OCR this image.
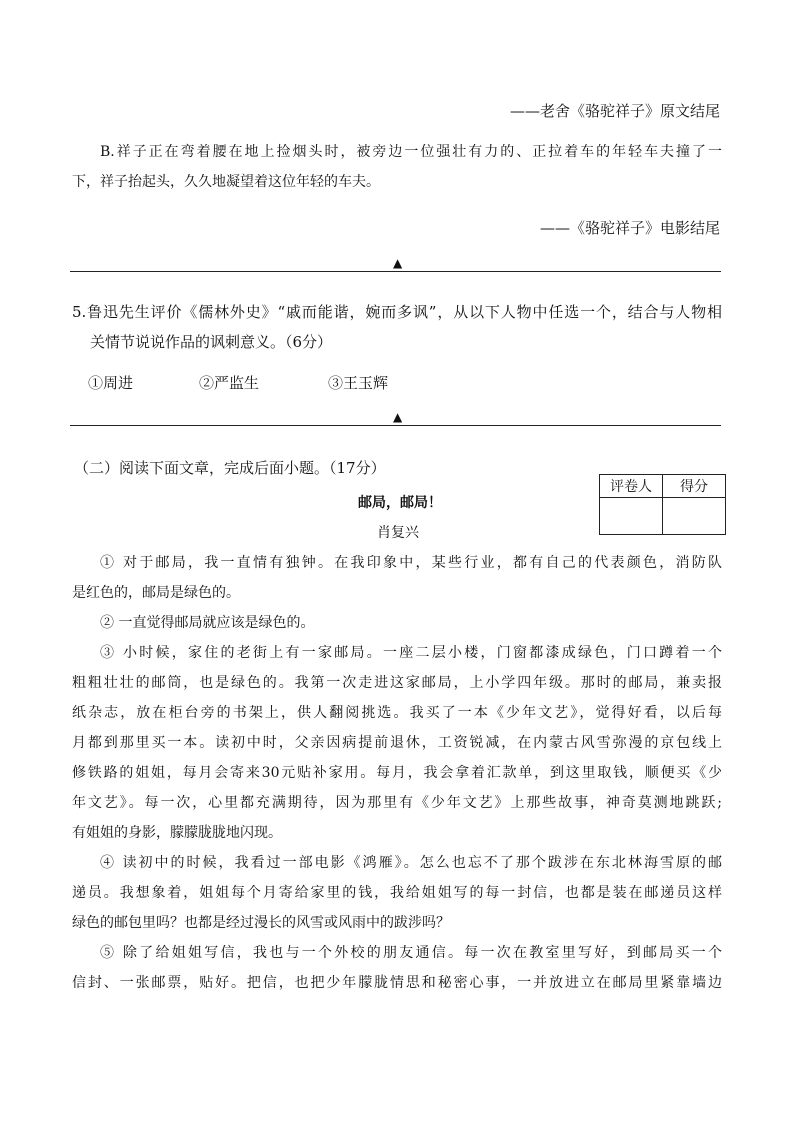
——老舍《骆驼祥子》原文结尾
B.祥子正在弯着腰在地上捡烟头时，被旁边一位强壮有力的、正拉着车的年轻车夫撞了一
下，祥子抬起头，久久地凝望着这位年轻的车夫。
——《骆驼祥子》电影结尾
▲
5.鲁迅先生评价《儒林外史》“戚而能谐，婉而多讽”，从以下人物中任选一个，结合与人物相
关情节说说作品的讽刺意义。（6分）
①周进	②严监生	③王玉辉
▲
（二）阅读下面文章，完成后面小题。（17分）
评卷人	得分

邮局，邮局！
肖复兴
① 对于邮局，我一直情有独钟。在我印象中，某些行业，都有自己的代表颜色，消防队
是红色的，邮局是绿色的。
② 一直觉得邮局就应该是绿色的。
③ 小时候，家住的老街上有一家邮局。一座二层小楼，门窗都漆成绿色，门口蹲着一个
粗粗壮壮的邮筒，也是绿色的。我第一次走进这家邮局，上小学四年级。那时的邮局，兼卖报
纸杂志，放在柜台旁的书架上，供人翻阅挑选。我买了一本《少年文艺》，觉得好看，以后每
月都到那里买一本。读初中时，父亲因病提前退休，工资锐减，在内蒙古风雪弥漫的京包线上
修铁路的姐姐，每月会寄来30元贴补家用。每月，我会拿着汇款单，到这里取钱，顺便买《少
年文艺》。每一次，心里都充满期待，因为那里有《少年文艺》上那些故事，神奇莫测地跳跃;
有姐姐的身影，朦朦胧胧地闪现。
④ 读初中的时候，我看过一部电影《鸿雁》。怎么也忘不了那个跋涉在东北林海雪原的邮
递员。我想象着，姐姐每个月寄给家里的钱，我给姐姐写的每一封信，也都是装在邮递员这样
绿色的邮包里吗？也都是经过漫长的风雪或风雨中的跋涉吗？
⑤ 除了给姐姐写信，我也与一个外校的朋友通信。每一次在教室里写好，到邮局买一个
信封、一张邮票，贴好。把信，也把少年朦胧情思和秘密心事，一并放进立在邮局里紧靠墙边
